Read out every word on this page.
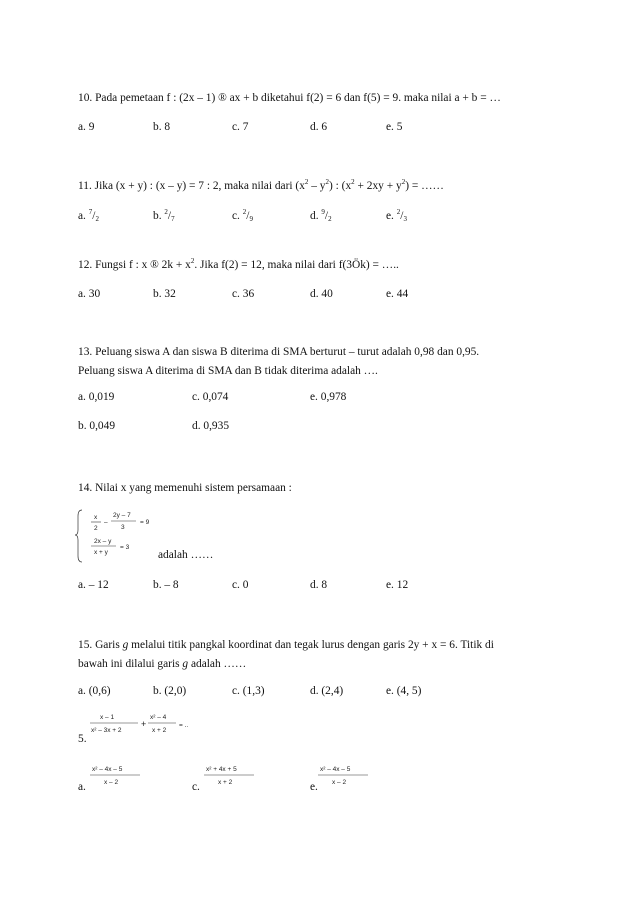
10. Pada pemetaan f : (2x – 1) ® ax + b diketahui f(2) = 6 dan f(5) = 9. maka nilai a + b = …
a. 9	b. 8	c. 7	d. 6	e. 5
11. Jika (x + y) : (x – y) = 7 : 2, maka nilai dari $(x^2 - y^2)$ : $(x^2 + 2xy + y^2)$ = ……
a. $^7$/2	b. $^2$/7	c. $^2$/9	d. $^9$/2	e. $^2$/3
12. Fungsi f : x ® $2k + x^2$. Jika f(2) = 12, maka nilai dari f(3Ök) = …..
a. 30	b. 32	c. 36	d. 40	e. 44
13. Peluang siswa A dan siswa B diterima di SMA berturut – turut adalah 0,98 dan 0,95.
Peluang siswa A diterima di SMA dan B tidak diterima adalah ….
a. 0,019	c. 0,074	e. 0,978
b. 0,049	d. 0,935
14. Nilai x yang memenuhi sistem persamaan :
x
2
–
2y – 7
3
= 9
2x – y
x + y
= 3
adalah ……
a. – 12	b. – 8	c. 0	d. 8	e. 12
15. Garis g melalui titik pangkal koordinat dan tegak lurus dengan garis 2y + x = 6. Titik di
bawah ini dilalui garis g adalah ……
a. (0,6)	b. (2,0)	c. (1,3)	d. (2,4)	e. (4, 5)
x – 1
x² – 3x + 2
+
x² – 4
x + 2
= ..
5.
a.
x² – 4x – 5
x – 2	c.
x² + 4x + 5
x + 2	e.
x² – 4x – 5
x – 2
